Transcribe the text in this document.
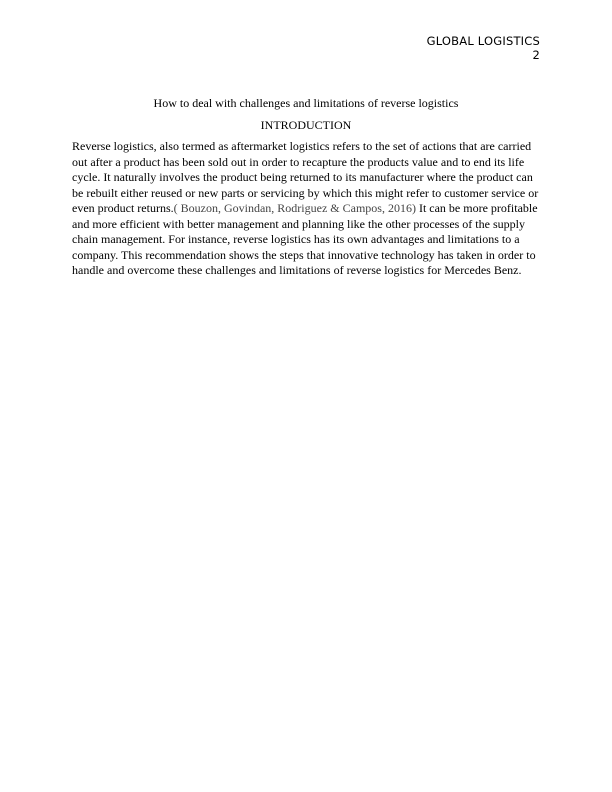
GLOBAL LOGISTICS
2

How to deal with challenges and limitations of reverse logistics

INTRODUCTION

Reverse logistics, also termed as aftermarket logistics refers to the set of actions that are carried out after a product has been sold out in order to recapture the products value and to end its life cycle. It naturally involves the product being returned to its manufacturer where the product can be rebuilt either reused or new parts or servicing by which this might refer to customer service or even product returns.( Bouzon, Govindan, Rodriguez & Campos, 2016) It can be more profitable and more efficient with better management and planning like the other processes of the supply chain management. For instance, reverse logistics has its own advantages and limitations to a company. This recommendation shows the steps that innovative technology has taken in order to handle and overcome these challenges and limitations of reverse logistics for Mercedes Benz.
